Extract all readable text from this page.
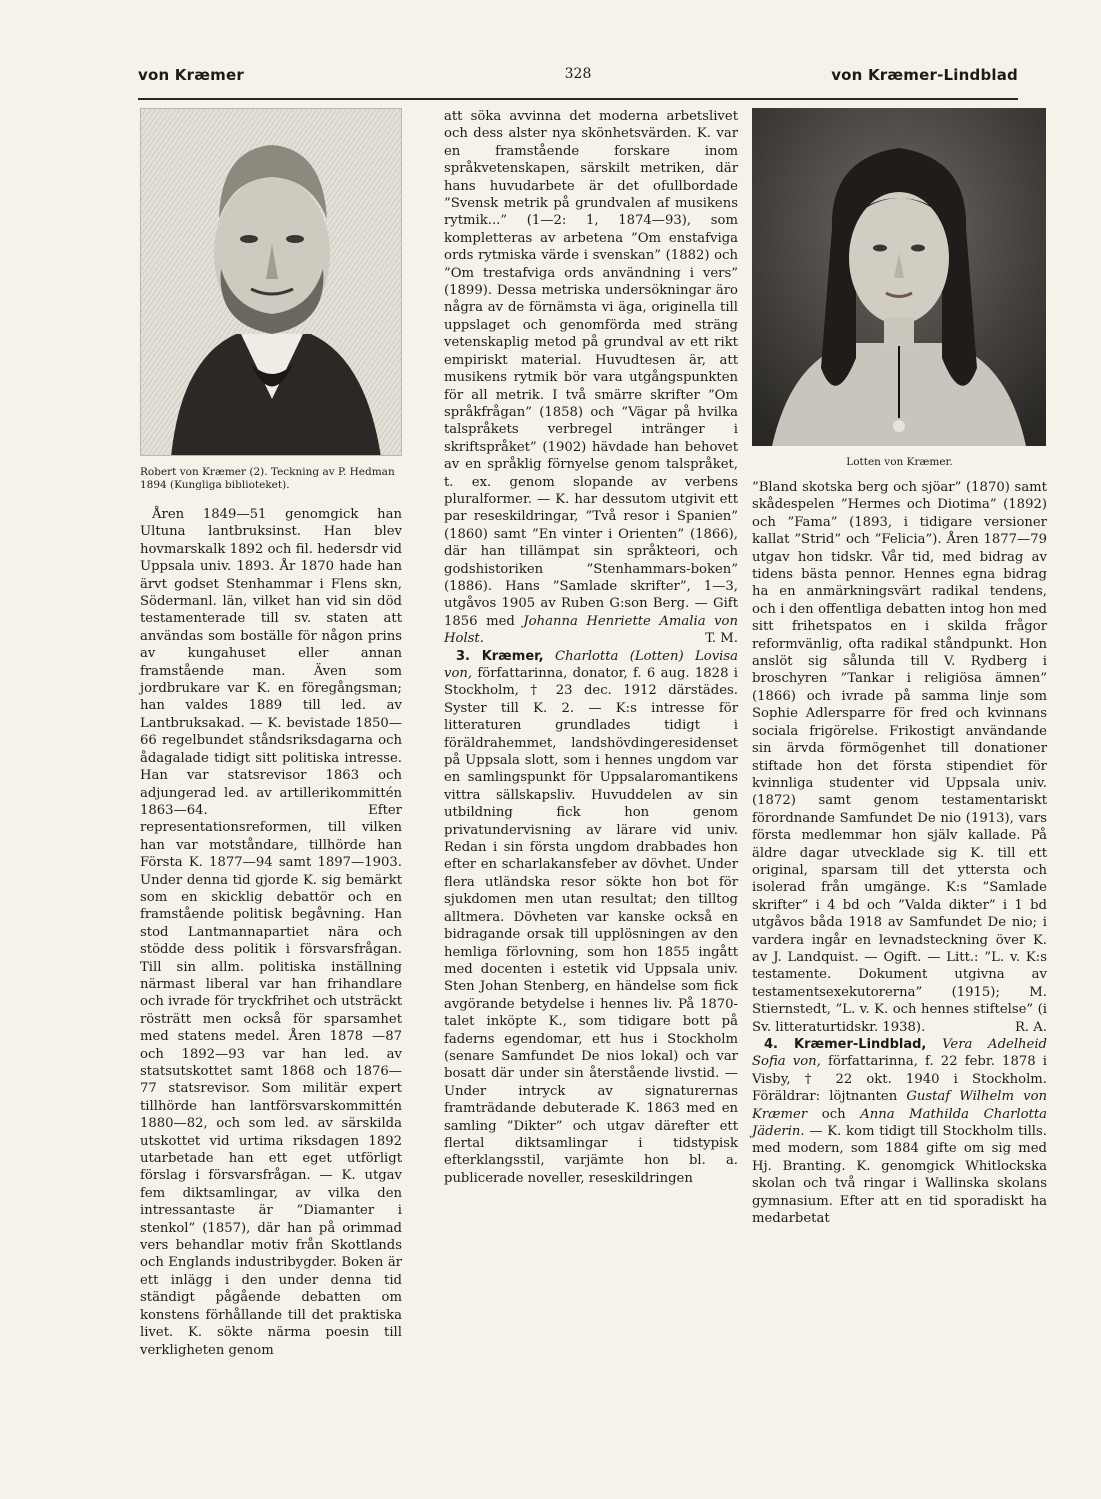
328
von Kræmer	von Kræmer-Lindblad
Robert von Kræmer (2). Teckning av P. Hedman 1894 (Kungliga biblioteket).

Åren 1849—51 genomgick han Ultuna lantbruksinst. Han blev hovmarskalk 1892 och fil. hedersdr vid Uppsala univ. 1893. År 1870 hade han ärvt godset Stenhammar i Flens skn, Södermanl. län, vilket han vid sin död testamenterade till sv. staten att användas som boställe för någon prins av kungahuset eller annan framstående man. Även som jordbrukare var K. en föregångsman; han valdes 1889 till led. av Lantbruksakad. — K. bevistade 1850—66 regelbundet ståndsriksdagarna och ådagalade tidigt sitt politiska intresse. Han var statsrevisor 1863 och adjungerad led. av artillerikommittén 1863—64. Efter representationsreformen, till vilken han var motståndare, tillhörde han Första K. 1877—94 samt 1897—1903. Under denna tid gjorde K. sig bemärkt som en skicklig debattör och en framstående politisk begåvning. Han stod Lantmannapartiet nära och stödde dess politik i försvarsfrågan. Till sin allm. politiska inställning närmast liberal var han frihandlare och ivrade för tryckfrihet och utsträckt rösträtt men också för sparsamhet med statens medel. Åren 1878 —87 och 1892—93 var han led. av statsutskottet samt 1868 och 1876—77 statsrevisor. Som militär expert tillhörde han lantförsvarskommittén 1880—82, och som led. av särskilda utskottet vid urtima riksdagen 1892 utarbetade han ett eget utförligt förslag i försvarsfrågan. — K. utgav fem diktsamlingar, av vilka den intressantaste är ”Diamanter i stenkol” (1857), där han på orimmad vers behandlar motiv från Skottlands och Englands industribygder. Boken är ett inlägg i den under denna tid ständigt pågående debatten om konstens förhållande till det praktiska livet. K. sökte närma poesin till verkligheten genom

att söka avvinna det moderna arbetslivet och dess alster nya skönhetsvärden. K. var en framstående forskare inom språkvetenskapen, särskilt metriken, där hans huvudarbete är det ofullbordade ”Svensk metrik på grundvalen af musikens rytmik...” (1—2: 1, 1874—93), som kompletteras av arbetena ”Om enstafviga ords rytmiska värde i svenskan” (1882) och ”Om trestafviga ords användning i vers” (1899). Dessa metriska undersökningar äro några av de förnämsta vi äga, originella till uppslaget och genomförda med sträng vetenskaplig metod på grundval av ett rikt empiriskt material. Huvudtesen är, att musikens rytmik bör vara utgångspunkten för all metrik. I två smärre skrifter ”Om språkfrågan” (1858) och ”Vägar på hvilka talspråkets verbregel intränger i skriftspråket” (1902) hävdade han behovet av en språklig förnyelse genom talspråket, t. ex. genom slopande av verbens pluralformer. — K. har dessutom utgivit ett par reseskildringar, ”Två resor i Spanien” (1860) samt ”En vinter i Orienten” (1866), där han tillämpat sin språkteori, och godshistoriken ”Stenhammars-boken” (1886). Hans ”Samlade skrifter”, 1—3, utgåvos 1905 av Ruben G:son Berg. — Gift 1856 med Johanna Henriette Amalia von Holst.	T. M.

3. Kræmer, Charlotta (Lotten) Lovisa von, författarinna, donator, f. 6 aug. 1828 i Stockholm, † 23 dec. 1912 därstädes. Syster till K. 2. — K:s intresse för litteraturen grundlades tidigt i föräldrahemmet, landshövdingeresidenset på Uppsala slott, som i hennes ungdom var en samlingspunkt för Uppsalaromantikens vittra sällskapsliv. Huvuddelen av sin utbildning fick hon genom privatundervisning av lärare vid univ. Redan i sin första ungdom drabbades hon efter en scharlakansfeber av dövhet. Under flera utländska resor sökte hon bot för sjukdomen men utan resultat; den tilltog alltmera. Dövheten var kanske också en bidragande orsak till upplösningen av den hemliga förlovning, som hon 1855 ingått med docenten i estetik vid Uppsala univ. Sten Johan Stenberg, en händelse som fick avgörande betydelse i hennes liv. På 1870-talet inköpte K., som tidigare bott på faderns egendomar, ett hus i Stockholm (senare Samfundet De nios lokal) och var bosatt där under sin återstående livstid. — Under intryck av signaturernas framträdande debuterade K. 1863 med en samling ”Dikter” och utgav därefter ett flertal diktsamlingar i tidstypisk efterklangsstil, varjämte hon bl. a. publicerade noveller, reseskildringen

Lotten von Kræmer.

”Bland skotska berg och sjöar” (1870) samt skådespelen ”Hermes och Diotima” (1892) och ”Fama” (1893, i tidigare versioner kallat ”Strid” och ”Felicia”). Åren 1877—79 utgav hon tidskr. Vår tid, med bidrag av tidens bästa pennor. Hennes egna bidrag ha en anmärkningsvärt radikal tendens, och i den offentliga debatten intog hon med sitt frihetspatos en i skilda frågor reformvänlig, ofta radikal ståndpunkt. Hon anslöt sig sålunda till V. Rydberg i broschyren ”Tankar i religiösa ämnen” (1866) och ivrade på samma linje som Sophie Adlersparre för fred och kvinnans sociala frigörelse. Frikostigt användande sin ärvda förmögenhet till donationer stiftade hon det första stipendiet för kvinnliga studenter vid Uppsala univ. (1872) samt genom testamentariskt förordnande Samfundet De nio (1913), vars första medlemmar hon själv kallade. På äldre dagar utvecklade sig K. till ett original, sparsam till det yttersta och isolerad från umgänge. K:s ”Samlade skrifter” i 4 bd och ”Valda dikter” i 1 bd utgåvos båda 1918 av Samfundet De nio; i vardera ingår en levnadsteckning över K. av J. Landquist. — Ogift. — Litt.: ”L. v. K:s testamente. Dokument utgivna av testamentsexekutorerna” (1915); M. Stiernstedt, ”L. v. K. och hennes stiftelse” (i Sv. litteraturtidskr. 1938).	R. A.

4. Kræmer-Lindblad, Vera Adelheid Sofia von, författarinna, f. 22 febr. 1878 i Visby, † 22 okt. 1940 i Stockholm. Föräldrar: löjtnanten Gustaf Wilhelm von Kræmer och Anna Mathilda Charlotta Jäderin. — K. kom tidigt till Stockholm tills. med modern, som 1884 gifte om sig med Hj. Branting. K. genomgick Whitlockska skolan och två ringar i Wallinska skolans gymnasium. Efter att en tid sporadiskt ha medarbetat
